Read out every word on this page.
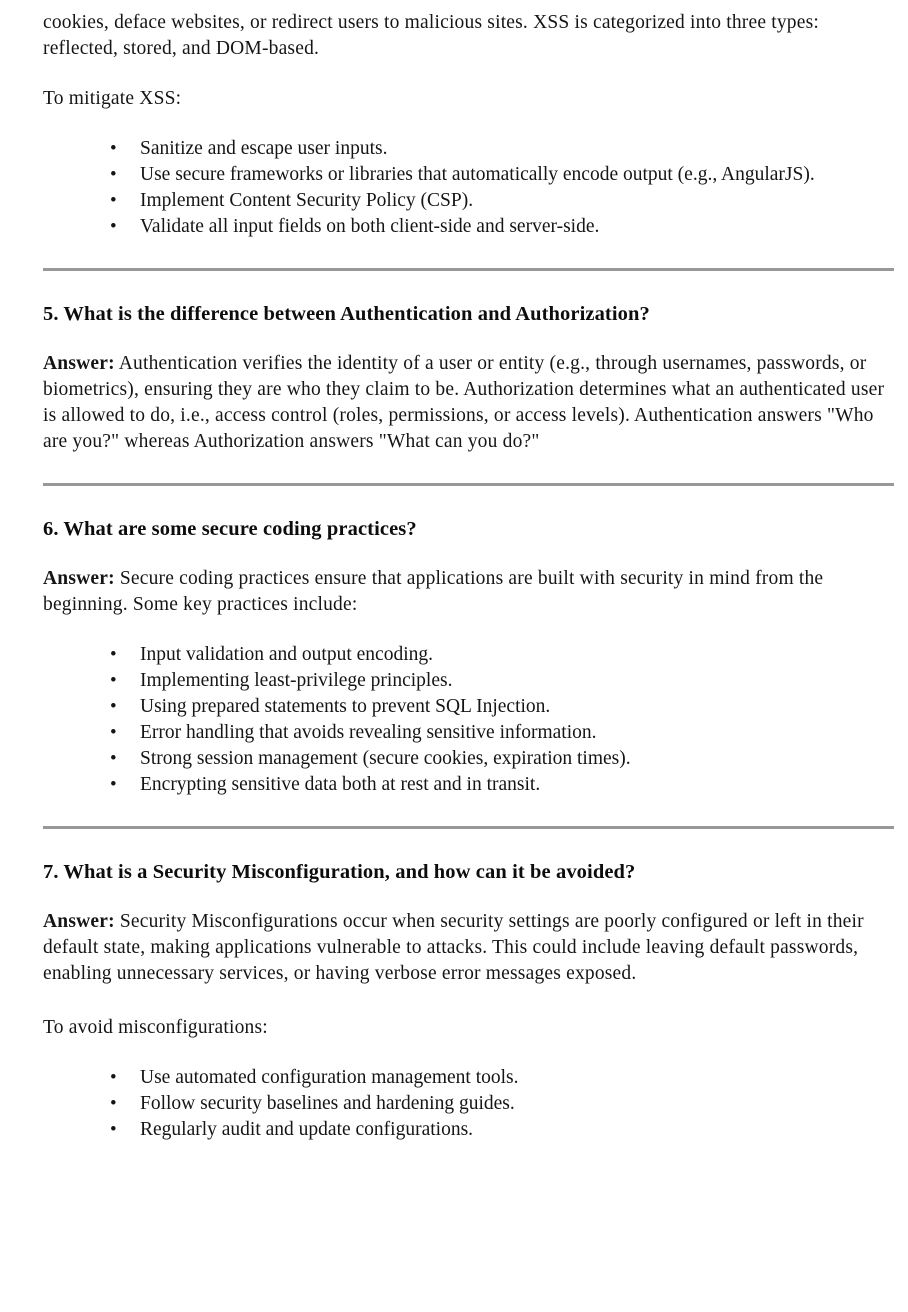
cookies, deface websites, or redirect users to malicious sites. XSS is categorized into three types: reflected, stored, and DOM-based.

To mitigate XSS:

•	Sanitize and escape user inputs.
•	Use secure frameworks or libraries that automatically encode output (e.g., AngularJS).
•	Implement Content Security Policy (CSP).
•	Validate all input fields on both client-side and server-side.
5. What is the difference between Authentication and Authorization?

Answer: Authentication verifies the identity of a user or entity (e.g., through usernames, passwords, or biometrics), ensuring they are who they claim to be. Authorization determines what an authenticated user is allowed to do, i.e., access control (roles, permissions, or access levels). Authentication answers "Who are you?" whereas Authorization answers "What can you do?"

6. What are some secure coding practices?

Answer: Secure coding practices ensure that applications are built with security in mind from the beginning. Some key practices include:

•	Input validation and output encoding.
•	Implementing least-privilege principles.
•	Using prepared statements to prevent SQL Injection.
•	Error handling that avoids revealing sensitive information.
•	Strong session management (secure cookies, expiration times).
•	Encrypting sensitive data both at rest and in transit.
7. What is a Security Misconfiguration, and how can it be avoided?

Answer: Security Misconfigurations occur when security settings are poorly configured or left in their default state, making applications vulnerable to attacks. This could include leaving default passwords, enabling unnecessary services, or having verbose error messages exposed.

To avoid misconfigurations:

•	Use automated configuration management tools.
•	Follow security baselines and hardening guides.
•	Regularly audit and update configurations.
